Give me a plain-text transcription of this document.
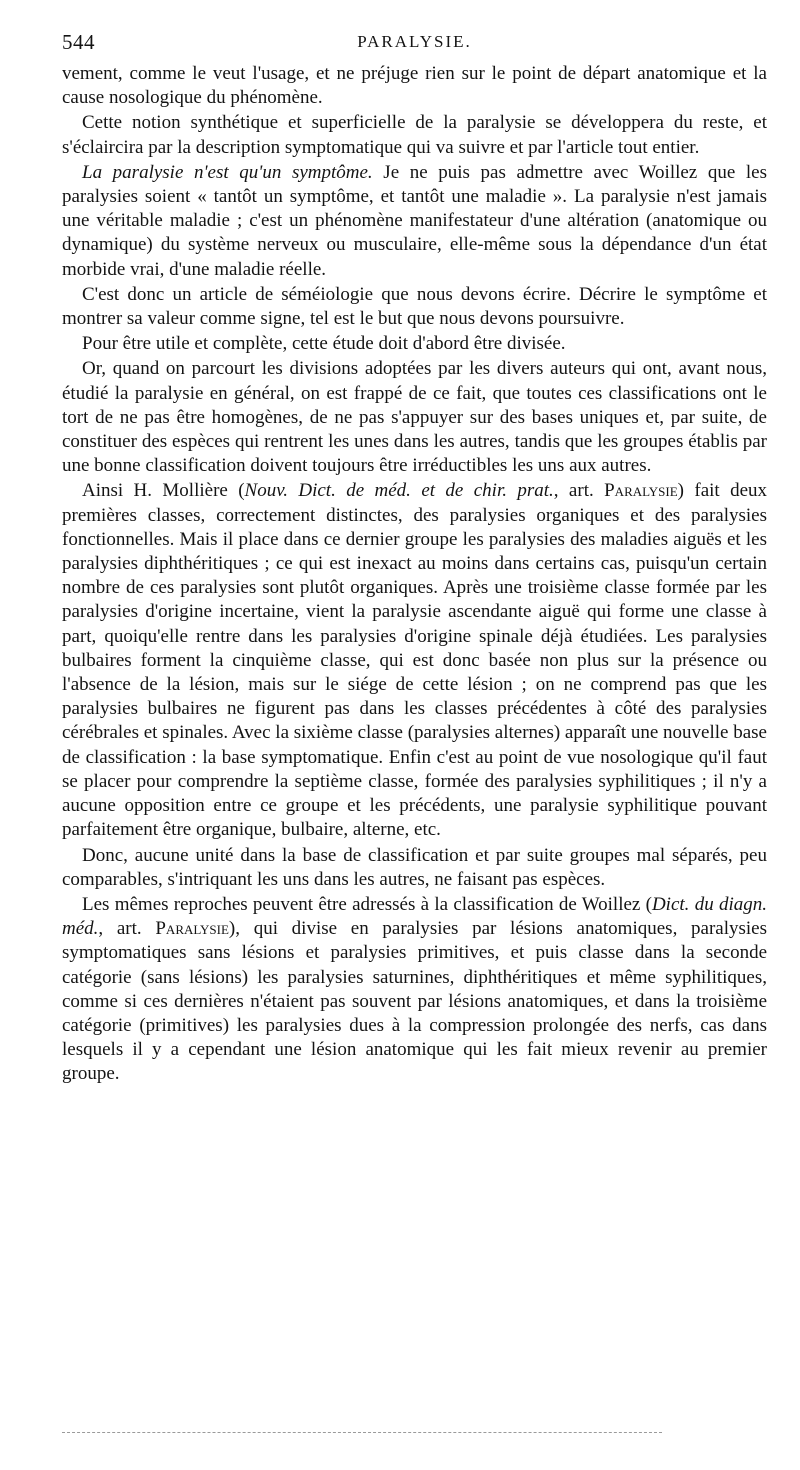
544	PARALYSIE.

vement, comme le veut l'usage, et ne préjuge rien sur le point de départ anatomique et la cause nosologique du phénomène.

Cette notion synthétique et superficielle de la paralysie se développera du reste, et s'éclaircira par la description symptomatique qui va suivre et par l'article tout entier.

La paralysie n'est qu'un symptôme. Je ne puis pas admettre avec Woillez que les paralysies soient « tantôt un symptôme, et tantôt une maladie ». La paralysie n'est jamais une véritable maladie ; c'est un phénomène manifestateur d'une altération (anatomique ou dynamique) du système nerveux ou musculaire, elle-même sous la dépendance d'un état morbide vrai, d'une maladie réelle.

C'est donc un article de séméiologie que nous devons écrire. Décrire le symptôme et montrer sa valeur comme signe, tel est le but que nous devons poursuivre.

Pour être utile et complète, cette étude doit d'abord être divisée.

Or, quand on parcourt les divisions adoptées par les divers auteurs qui ont, avant nous, étudié la paralysie en général, on est frappé de ce fait, que toutes ces classifications ont le tort de ne pas être homogènes, de ne pas s'appuyer sur des bases uniques et, par suite, de constituer des espèces qui rentrent les unes dans les autres, tandis que les groupes établis par une bonne classification doivent toujours être irréductibles les uns aux autres.

Ainsi H. Mollière (Nouv. Dict. de méd. et de chir. prat., art. Paralysie) fait deux premières classes, correctement distinctes, des paralysies organiques et des paralysies fonctionnelles. Mais il place dans ce dernier groupe les paralysies des maladies aiguës et les paralysies diphthéritiques ; ce qui est inexact au moins dans certains cas, puisqu'un certain nombre de ces paralysies sont plutôt organiques. Après une troisième classe formée par les paralysies d'origine incertaine, vient la paralysie ascendante aiguë qui forme une classe à part, quoiqu'elle rentre dans les paralysies d'origine spinale déjà étudiées. Les paralysies bulbaires forment la cinquième classe, qui est donc basée non plus sur la présence ou l'absence de la lésion, mais sur le siége de cette lésion ; on ne comprend pas que les paralysies bulbaires ne figurent pas dans les classes précédentes à côté des paralysies cérébrales et spinales. Avec la sixième classe (paralysies alternes) apparaît une nouvelle base de classification : la base symptomatique. Enfin c'est au point de vue nosologique qu'il faut se placer pour comprendre la septième classe, formée des paralysies syphilitiques ; il n'y a aucune opposition entre ce groupe et les précédents, une paralysie syphilitique pouvant parfaitement être organique, bulbaire, alterne, etc.

Donc, aucune unité dans la base de classification et par suite groupes mal séparés, peu comparables, s'intriquant les uns dans les autres, ne faisant pas espèces.

Les mêmes reproches peuvent être adressés à la classification de Woillez (Dict. du diagn. méd., art. Paralysie), qui divise en paralysies par lésions anatomiques, paralysies symptomatiques sans lésions et paralysies primitives, et puis classe dans la seconde catégorie (sans lésions) les paralysies saturnines, diphthéritiques et même syphilitiques, comme si ces dernières n'étaient pas souvent par lésions anatomiques, et dans la troisième catégorie (primitives) les paralysies dues à la compression prolongée des nerfs, cas dans lesquels il y a cependant une lésion anatomique qui les fait mieux revenir au premier groupe.
